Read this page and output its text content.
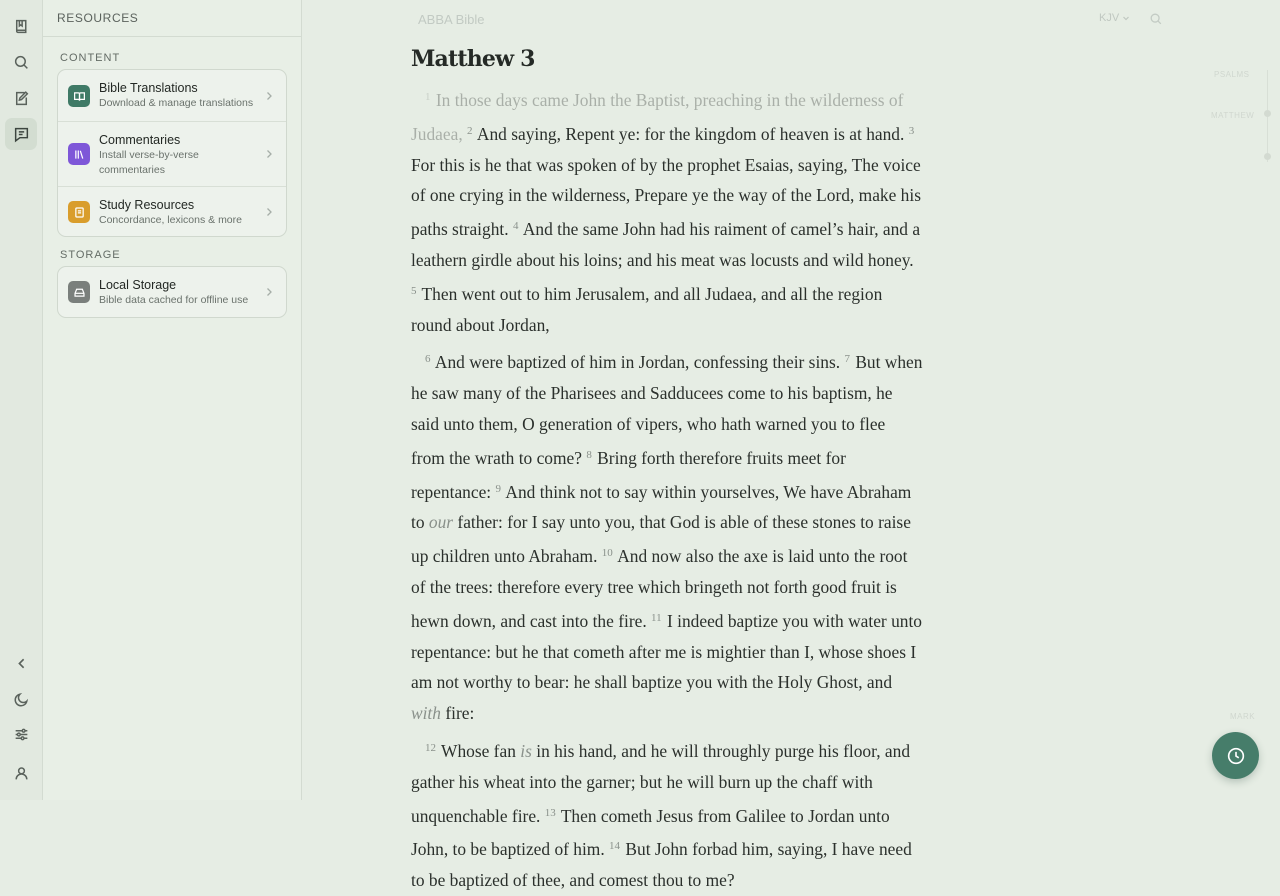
RESOURCES
CONTENT
Bible Translations
Download & manage translations
Commentaries
Install verse-by-verse commentaries
Study Resources
Concordance, lexicons & more
STORAGE
Local Storage
Bible data cached for offline use
ABBA Bible	KJV
Matthew 3

$^1$ In those days came John the Baptist, preaching in the wilderness of Judaea, $^2$ And saying, Repent ye: for the kingdom of heaven is at hand. $^3$ For this is he that was spoken of by the prophet Esaias, saying, The voice of one crying in the wilderness, Prepare ye the way of the Lord, make his paths straight. $^4$ And the same John had his raiment of camel’s hair, and a leathern girdle about his loins; and his meat was locusts and wild honey. $^5$ Then went out to him Jerusalem, and all Judaea, and all the region round about Jordan,

$^6$ And were baptized of him in Jordan, confessing their sins. $^7$ But when he saw many of the Pharisees and Sadducees come to his baptism, he said unto them, O generation of vipers, who hath warned you to flee from the wrath to come? $^8$ Bring forth therefore fruits meet for repentance: $^9$ And think not to say within yourselves, We have Abraham to our father: for I say unto you, that God is able of these stones to raise up children unto Abraham. $^{10}$ And now also the axe is laid unto the root of the trees: therefore every tree which bringeth not forth good fruit is hewn down, and cast into the fire. $^{11}$ I indeed baptize you with water unto repentance: but he that cometh after me is mightier than I, whose shoes I am not worthy to bear: he shall baptize you with the Holy Ghost, and with fire:

$^{12}$ Whose fan is in his hand, and he will throughly purge his floor, and gather his wheat into the garner; but he will burn up the chaff with unquenchable fire. $^{13}$ Then cometh Jesus from Galilee to Jordan unto John, to be baptized of him. $^{14}$ But John forbad him, saying, I have need to be baptized of thee, and comest thou to me?

PSALMS
MATTHEW
MARK
